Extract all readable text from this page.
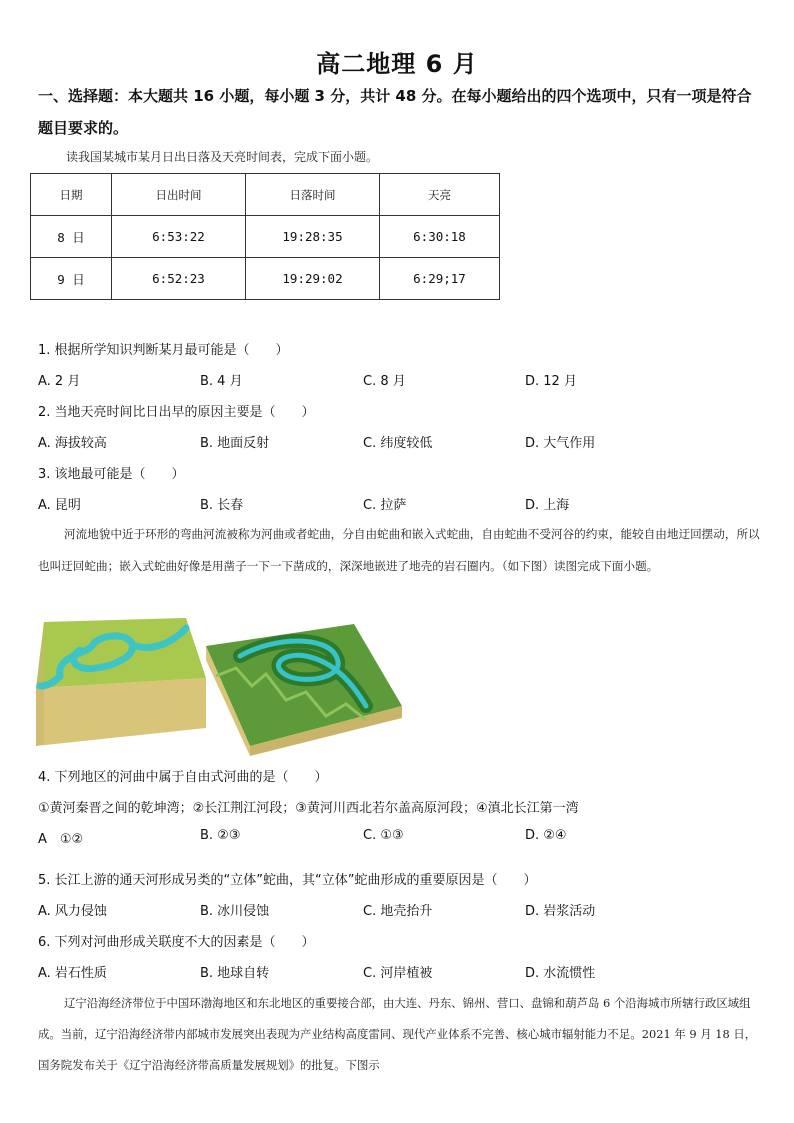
高二地理 6 月
一、选择题：本大题共 16 小题，每小题 3 分，共计 48 分。在每小题给出的四个选项中，只有一项是符合题目要求的。
读我国某城市某月日出日落及天亮时间表，完成下面小题。
日期	日出时间	日落时间	天亮
8 日	6:53:22	19:28:35	6:30:18
9 日	6:52:23	19:29:02	6:29;17
1. 根据所学知识判断某月最可能是（　　）
A. 2 月	B. 4 月	C. 8 月	D. 12 月
2. 当地天亮时间比日出早的原因主要是（　　）
A. 海拔较高	B. 地面反射	C. 纬度较低	D. 大气作用
3. 该地最可能是（　　）
A. 昆明	B. 长春	C. 拉萨	D. 上海
河流地貌中近于环形的弯曲河流被称为河曲或者蛇曲，分自由蛇曲和嵌入式蛇曲，自由蛇曲不受河谷的约束，能较自由地迂回摆动，所以也叫迂回蛇曲；嵌入式蛇曲好像是用凿子一下一下凿成的，深深地嵌进了地壳的岩石圈内。（如下图）读图完成下面小题。
4. 下列地区的河曲中属于自由式河曲的是（　　）
①黄河秦晋之间的乾坤湾；②长江荆江河段；③黄河川西北若尔盖高原河段；④滇北长江第一湾
A　①②	B. ②③	C. ①③	D. ②④
5. 长江上游的通天河形成另类的“立体”蛇曲，其“立体”蛇曲形成的重要原因是（　　）
A. 风力侵蚀	B. 冰川侵蚀	C. 地壳抬升	D. 岩浆活动
6. 下列对河曲形成关联度不大的因素是（　　）
A. 岩石性质	B. 地球自转	C. 河岸植被	D. 水流惯性
辽宁沿海经济带位于中国环渤海地区和东北地区的重要接合部，由大连、丹东、锦州、营口、盘锦和葫芦岛 6 个沿海城市所辖行政区域组成。当前，辽宁沿海经济带内部城市发展突出表现为产业结构高度雷同、现代产业体系不完善、核心城市辐射能力不足。2021 年 9 月 18 日，国务院发布关于《辽宁沿海经济带高质量发展规划》的批复。下图示
